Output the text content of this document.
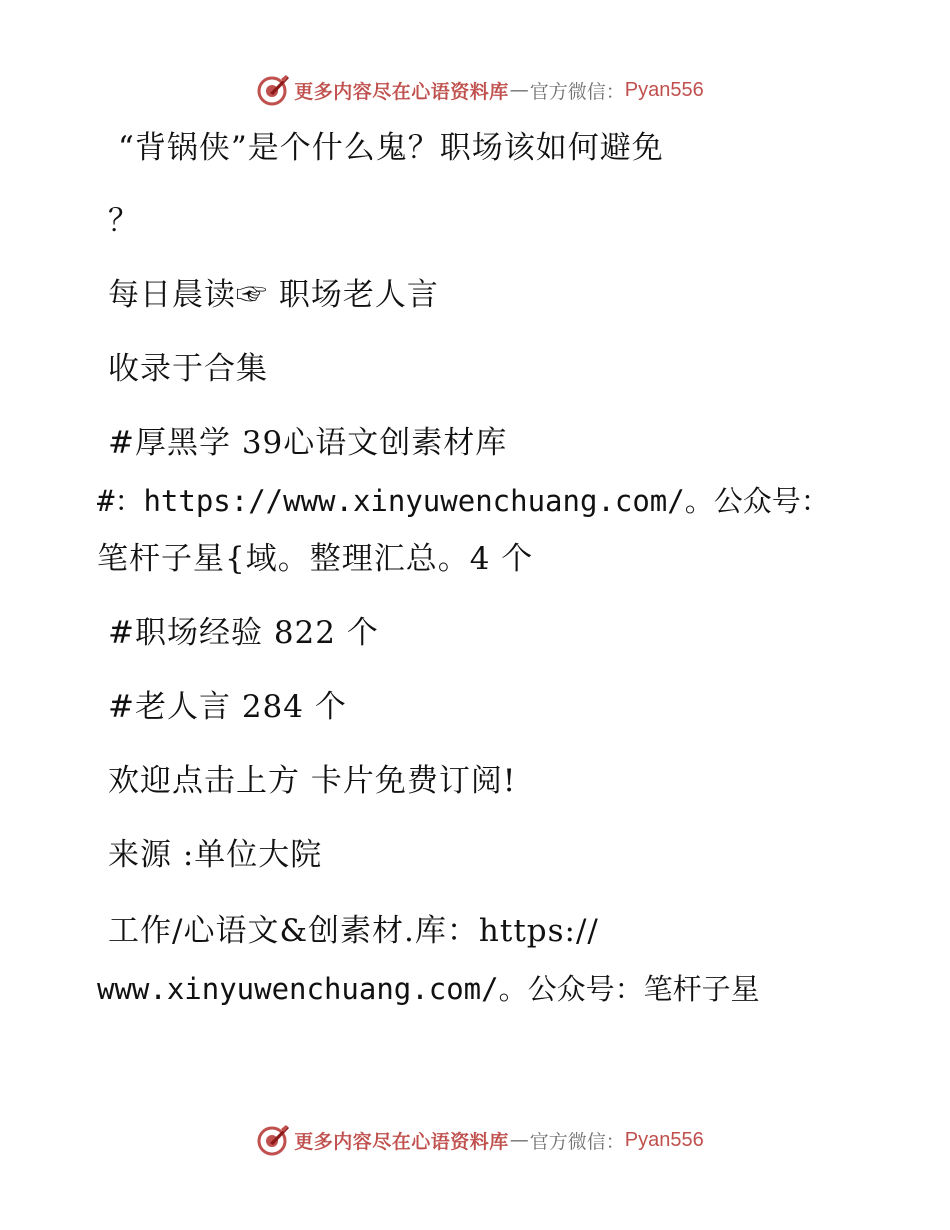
更多内容尽在心语资料库 — 官方微信： Pyan556
“背锅侠”是个什么鬼？职场该如何避免
？
每日晨读☞ 职场老人言
收录于合集
#厚黑学 39心语文创素材库
#：https://www.xinyuwenchuang.com/。公众号：
笔杆子星{域。整理汇总。4 个
#职场经验 822 个
#老人言 284 个
欢迎点击上方 卡片免费订阅!
来源 :单位大院
工作/心语文&创素材.库：https://
www.xinyuwenchuang.com/。公众号：笔杆子星
更多内容尽在心语资料库 — 官方微信： Pyan556
